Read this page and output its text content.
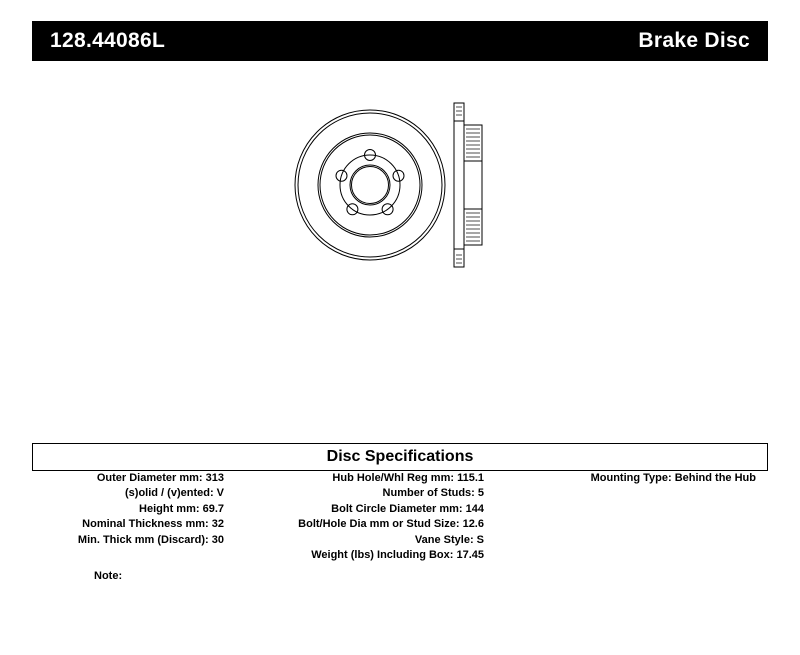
128.44086L	Brake Disc
Disc Specifications
Outer Diameter mm: 313
(s)olid / (v)ented: V
Height mm: 69.7
Nominal Thickness mm: 32
Min. Thick mm (Discard): 30
Hub Hole/Whl Reg mm: 115.1
Number of Studs: 5
Bolt Circle Diameter mm: 144
Bolt/Hole Dia mm or Stud Size: 12.6
Vane Style: S
Weight (lbs) Including Box: 17.45
Mounting Type: Behind the Hub
Note:
